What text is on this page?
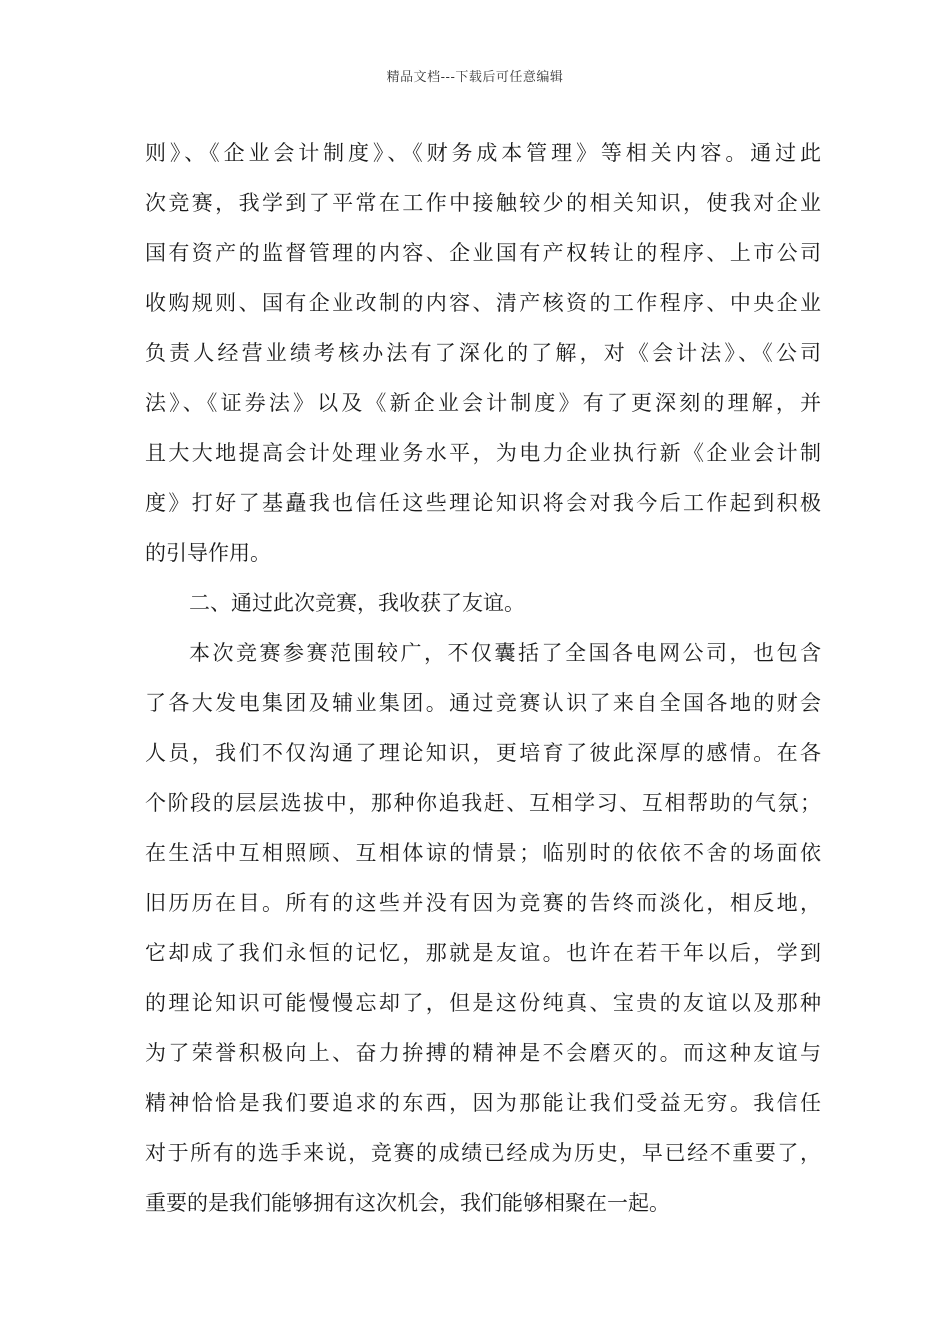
精品文档---下载后可任意编辑
则》、《企业会计制度》、《财务成本管理》等相关内容。通过此
次竞赛，我学到了平常在工作中接触较少的相关知识，使我对企业
国有资产的监督管理的内容、企业国有产权转让的程序、上市公司
收购规则、国有企业改制的内容、清产核资的工作程序、中央企业
负责人经营业绩考核办法有了深化的了解，对《会计法》、《公司
法》、《证券法》以及《新企业会计制度》有了更深刻的理解，并
且大大地提高会计处理业务水平，为电力企业执行新《企业会计制
度》打好了基矗我也信任这些理论知识将会对我今后工作起到积极
的引导作用。
二、通过此次竞赛，我收获了友谊。
本次竞赛参赛范围较广，不仅囊括了全国各电网公司，也包含
了各大发电集团及辅业集团。通过竞赛认识了来自全国各地的财会
人员，我们不仅沟通了理论知识，更培育了彼此深厚的感情。在各
个阶段的层层选拔中，那种你追我赶、互相学习、互相帮助的气氛；
在生活中互相照顾、互相体谅的情景；临别时的依依不舍的场面依
旧历历在目。所有的这些并没有因为竞赛的告终而淡化，相反地，
它却成了我们永恒的记忆，那就是友谊。也许在若干年以后，学到
的理论知识可能慢慢忘却了，但是这份纯真、宝贵的友谊以及那种
为了荣誉积极向上、奋力拚搏的精神是不会磨灭的。而这种友谊与
精神恰恰是我们要追求的东西，因为那能让我们受益无穷。我信任
对于所有的选手来说，竞赛的成绩已经成为历史，早已经不重要了，
重要的是我们能够拥有这次机会，我们能够相聚在一起。
